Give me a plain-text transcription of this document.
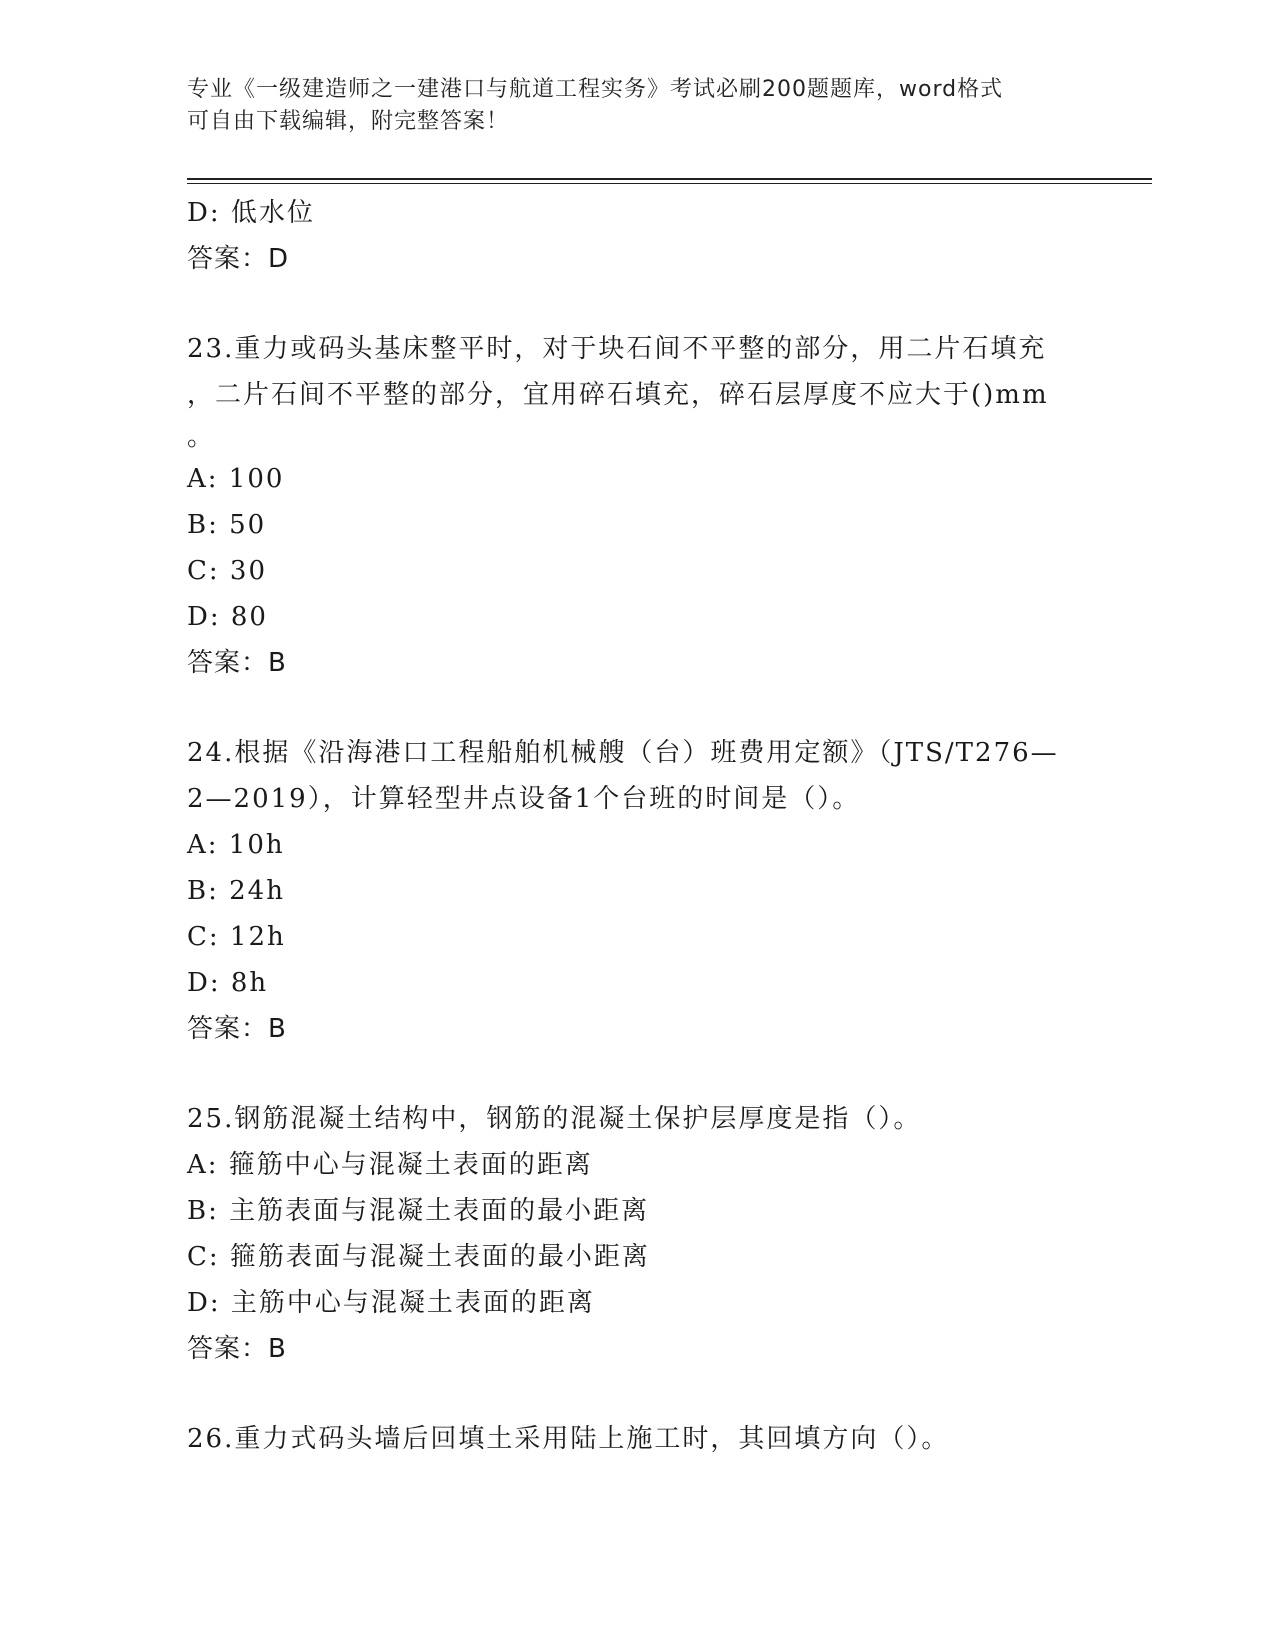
专业《一级建造师之一建港口与航道工程实务》考试必刷200题题库，word格式
可自由下载编辑，附完整答案！
D: 低水位
答案：D
23.重力或码头基床整平时，对于块石间不平整的部分，用二片石填充
，二片石间不平整的部分，宜用碎石填充，碎石层厚度不应大于()mm
。
A: 100
B: 50
C: 30
D: 80
答案：B
24.根据《沿海港口工程船舶机械艘（台）班费用定额》（JTS/T276—
2—2019），计算轻型井点设备1个台班的时间是（）。
A: 10h
B: 24h
C: 12h
D: 8h
答案：B
25.钢筋混凝土结构中，钢筋的混凝土保护层厚度是指（）。
A: 箍筋中心与混凝土表面的距离
B: 主筋表面与混凝土表面的最小距离
C: 箍筋表面与混凝土表面的最小距离
D: 主筋中心与混凝土表面的距离
答案：B
26.重力式码头墙后回填土采用陆上施工时，其回填方向（）。
